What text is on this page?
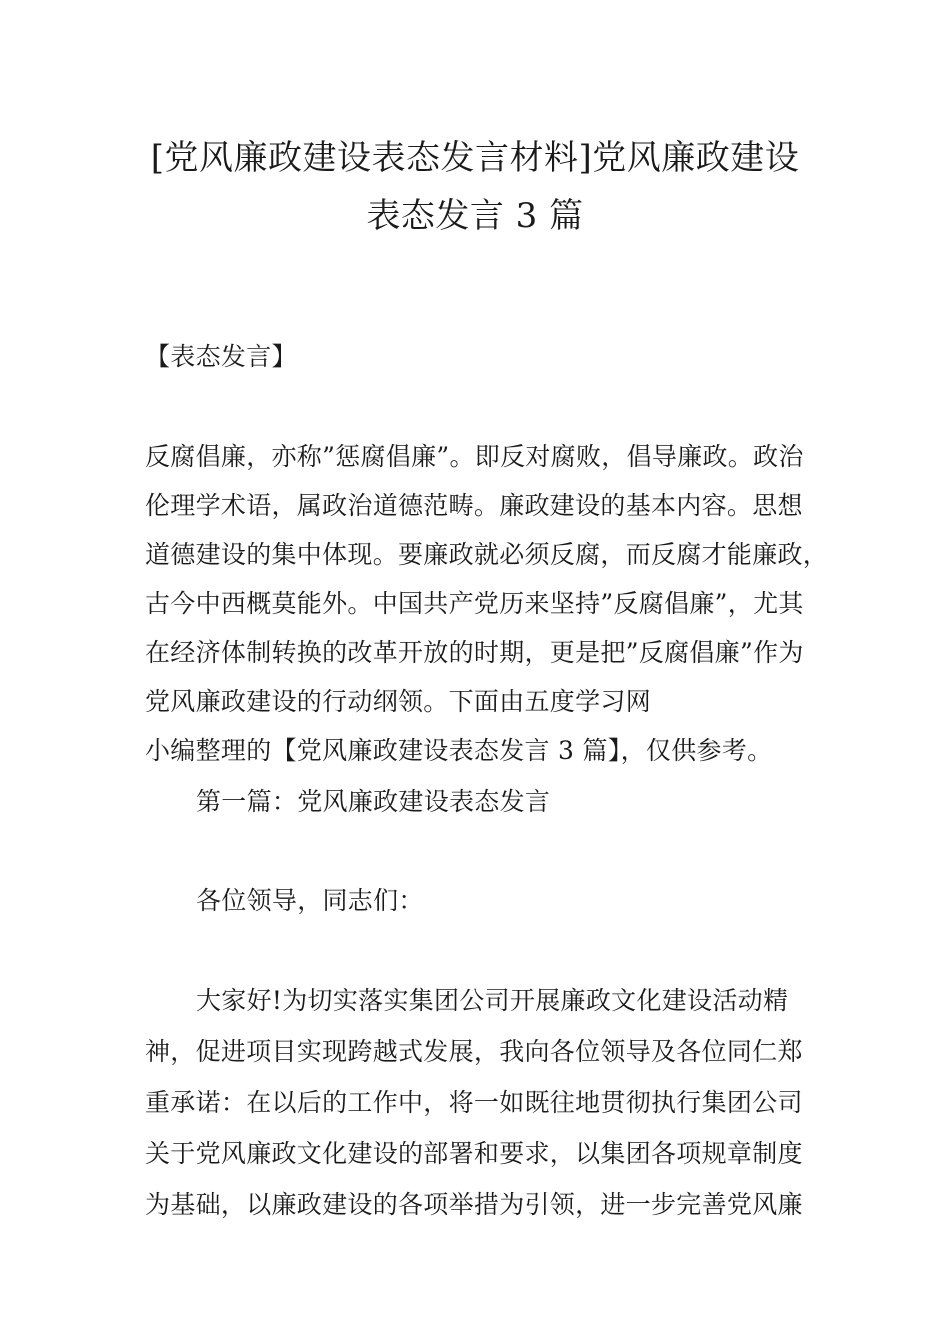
[党风廉政建设表态发言材料]党风廉政建设
表态发言 3 篇
【表态发言】
反腐倡廉，亦称”惩腐倡廉”。即反对腐败，倡导廉政。政治
伦理学术语，属政治道德范畴。廉政建设的基本内容。思想
道德建设的集中体现。要廉政就必须反腐，而反腐才能廉政，
古今中西概莫能外。中国共产党历来坚持”反腐倡廉”，尤其
在经济体制转换的改革开放的时期，更是把”反腐倡廉”作为
党风廉政建设的行动纲领。下面由五度学习网
小编整理的【党风廉政建设表态发言 3 篇】，仅供参考。
第一篇：党风廉政建设表态发言
各位领导，同志们：
大家好!为切实落实集团公司开展廉政文化建设活动精
神，促进项目实现跨越式发展，我向各位领导及各位同仁郑
重承诺：在以后的工作中，将一如既往地贯彻执行集团公司
关于党风廉政文化建设的部署和要求，以集团各项规章制度
为基础，以廉政建设的各项举措为引领，进一步完善党风廉
